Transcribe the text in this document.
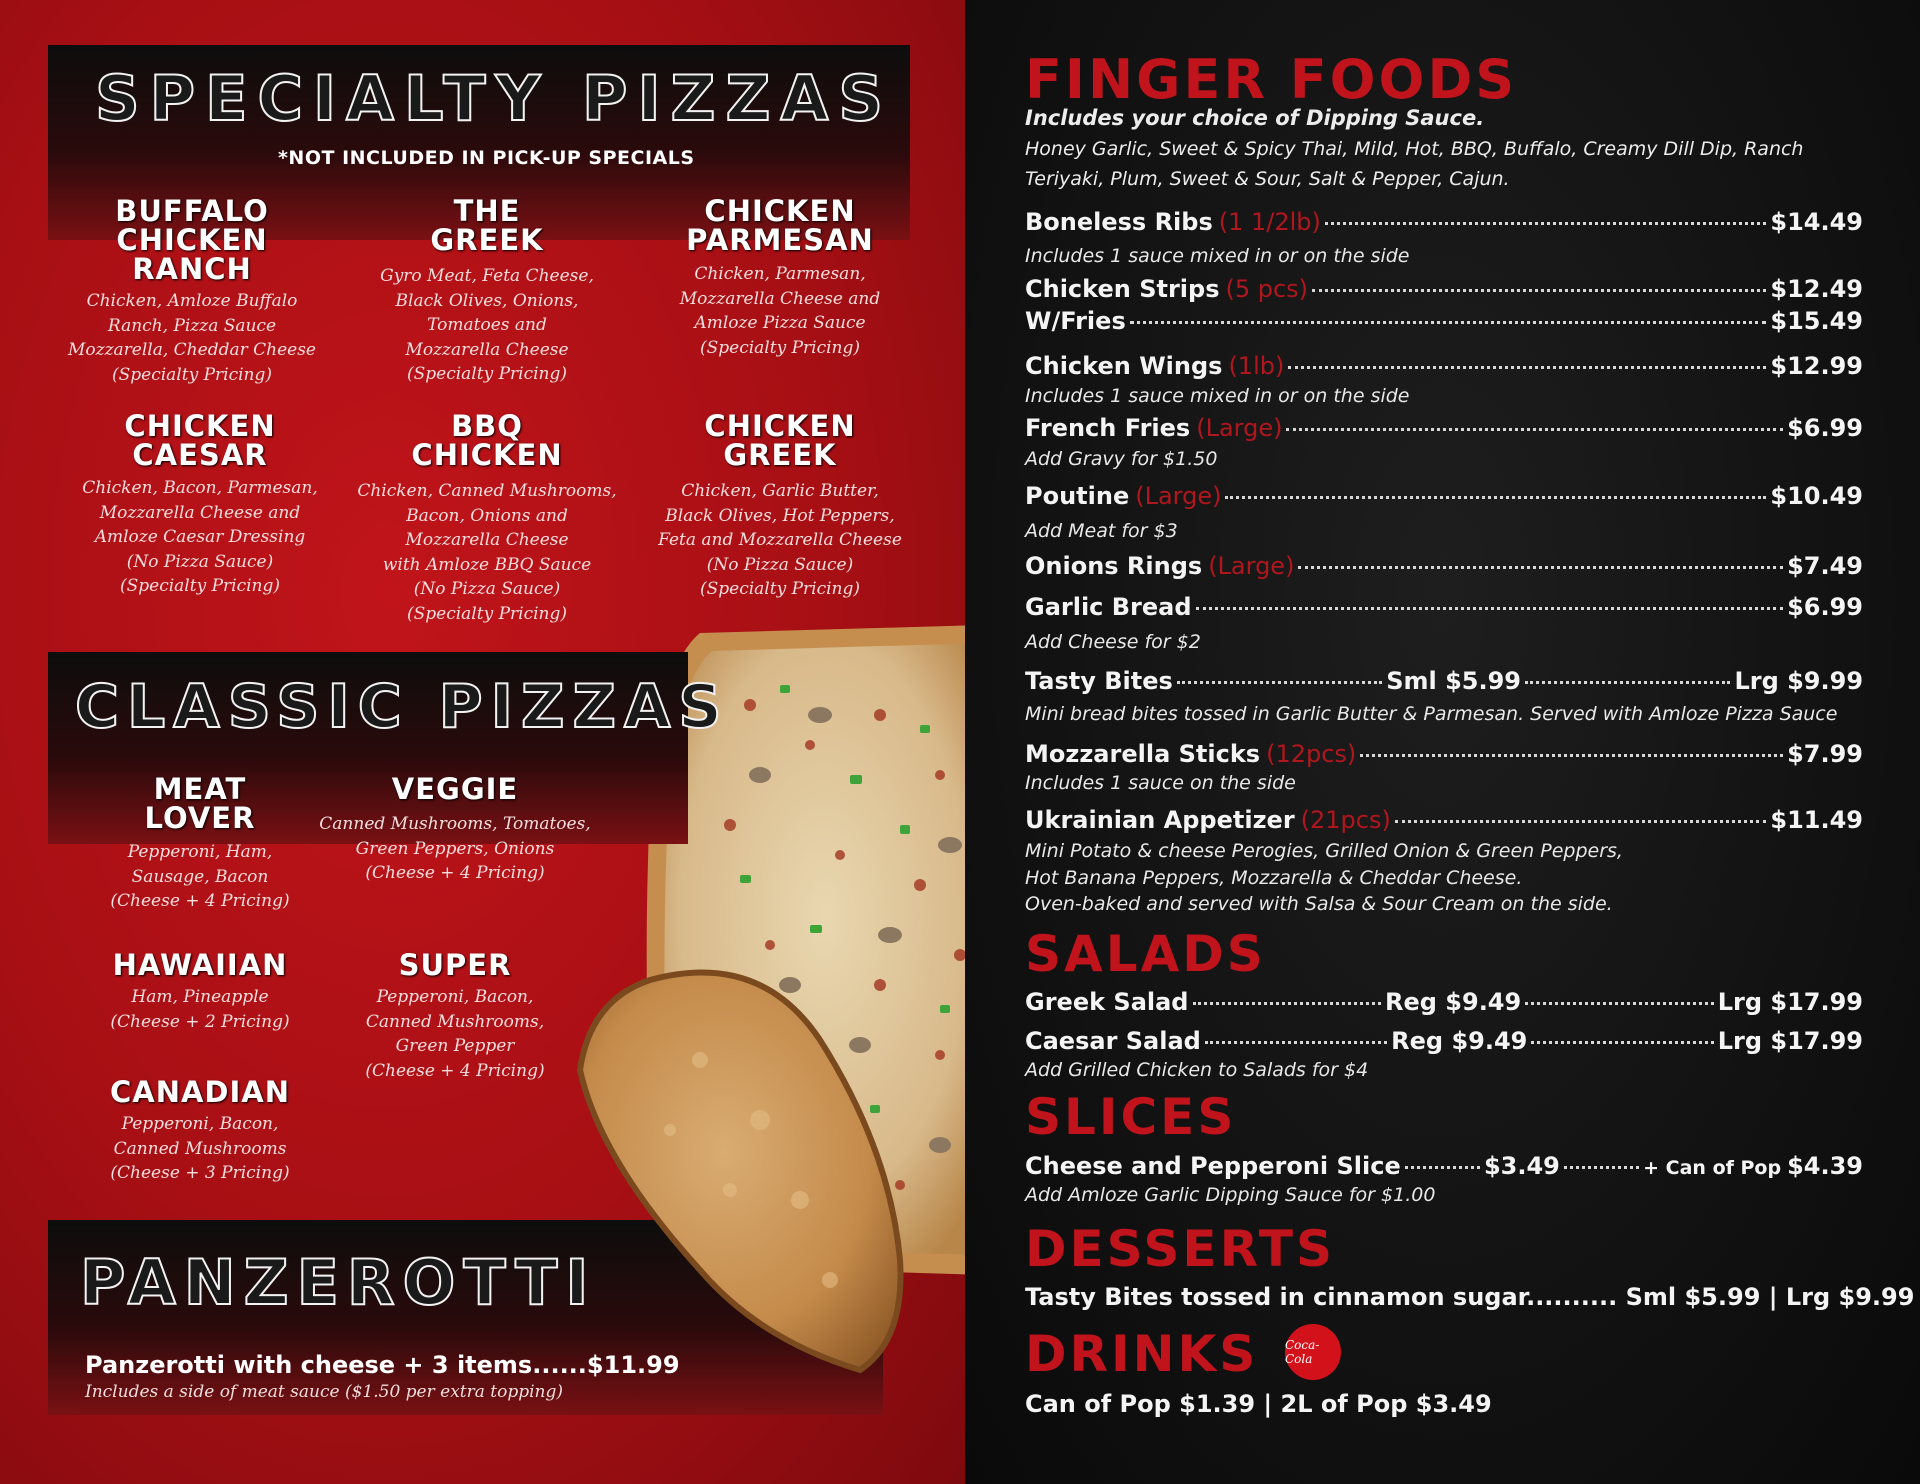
SPECIALTY PIZZAS
*NOT INCLUDED IN PICK-UP SPECIALS
BUFFALO
CHICKEN
RANCH
Chicken, Amloze Buffalo
Ranch, Pizza Sauce
Mozzarella, Cheddar Cheese
(Specialty Pricing)
THE
GREEK
Gyro Meat, Feta Cheese,
Black Olives, Onions,
Tomatoes and
Mozzarella Cheese
(Specialty Pricing)
CHICKEN
PARMESAN
Chicken, Parmesan,
Mozzarella Cheese and
Amloze Pizza Sauce
(Specialty Pricing)
CHICKEN
CAESAR
Chicken, Bacon, Parmesan,
Mozzarella Cheese and
Amloze Caesar Dressing
(No Pizza Sauce)
(Specialty Pricing)
BBQ
CHICKEN
Chicken, Canned Mushrooms,
Bacon, Onions and
Mozzarella Cheese
with Amloze BBQ Sauce
(No Pizza Sauce)
(Specialty Pricing)
CHICKEN
GREEK
Chicken, Garlic Butter,
Black Olives, Hot Peppers,
Feta and Mozzarella Cheese
(No Pizza Sauce)
(Specialty Pricing)
CLASSIC PIZZAS
MEAT
LOVER
Pepperoni, Ham,
Sausage, Bacon
(Cheese + 4 Pricing)
VEGGIE
Canned Mushrooms, Tomatoes,
Green Peppers, Onions
(Cheese + 4 Pricing)
HAWAIIAN
Ham, Pineapple
(Cheese + 2 Pricing)
SUPER
Pepperoni, Bacon,
Canned Mushrooms,
Green Pepper
(Cheese + 4 Pricing)
CANADIAN
Pepperoni, Bacon,
Canned Mushrooms
(Cheese + 3 Pricing)
PANZEROTTI
Panzerotti with cheese + 3 items......$11.99
Includes a side of meat sauce ($1.50 per extra topping)
FINGER FOODS
Includes your choice of Dipping Sauce.
Honey Garlic, Sweet & Spicy Thai, Mild, Hot, BBQ, Buffalo, Creamy Dill Dip, Ranch
Teriyaki, Plum, Sweet & Sour, Salt & Pepper, Cajun.
Boneless Ribs (1 1/2lb)	$14.49
Includes 1 sauce mixed in or on the side
Chicken Strips (5 pcs)	$12.49
W/Fries	$15.49
Chicken Wings (1lb)	$12.99
Includes 1 sauce mixed in or on the side
French Fries (Large)	$6.99
Add Gravy for $1.50
Poutine (Large)	$10.49
Add Meat for $3
Onions Rings (Large)	$7.49
Garlic Bread	$6.99
Add Cheese for $2
Tasty Bites	Sml $5.99	Lrg $9.99
Mini bread bites tossed in Garlic Butter & Parmesan. Served with Amloze Pizza Sauce
Mozzarella Sticks (12pcs)	$7.99
Includes 1 sauce on the side
Ukrainian Appetizer (21pcs)	$11.49
Mini Potato & cheese Perogies, Grilled Onion & Green Peppers,
Hot Banana Peppers, Mozzarella & Cheddar Cheese.
Oven-baked and served with Salsa & Sour Cream on the side.
SALADS
Greek Salad	Reg $9.49	Lrg $17.99
Caesar Salad	Reg $9.49	Lrg $17.99
Add Grilled Chicken to Salads for $4
SLICES
Cheese and Pepperoni Slice	$3.49	+ Can of Pop $4.39
Add Amloze Garlic Dipping Sauce for $1.00
DESSERTS
Tasty Bites tossed in cinnamon sugar.......... Sml $5.99 | Lrg $9.99
DRINKS Coca-Cola
Can of Pop $1.39 | 2L of Pop $3.49
